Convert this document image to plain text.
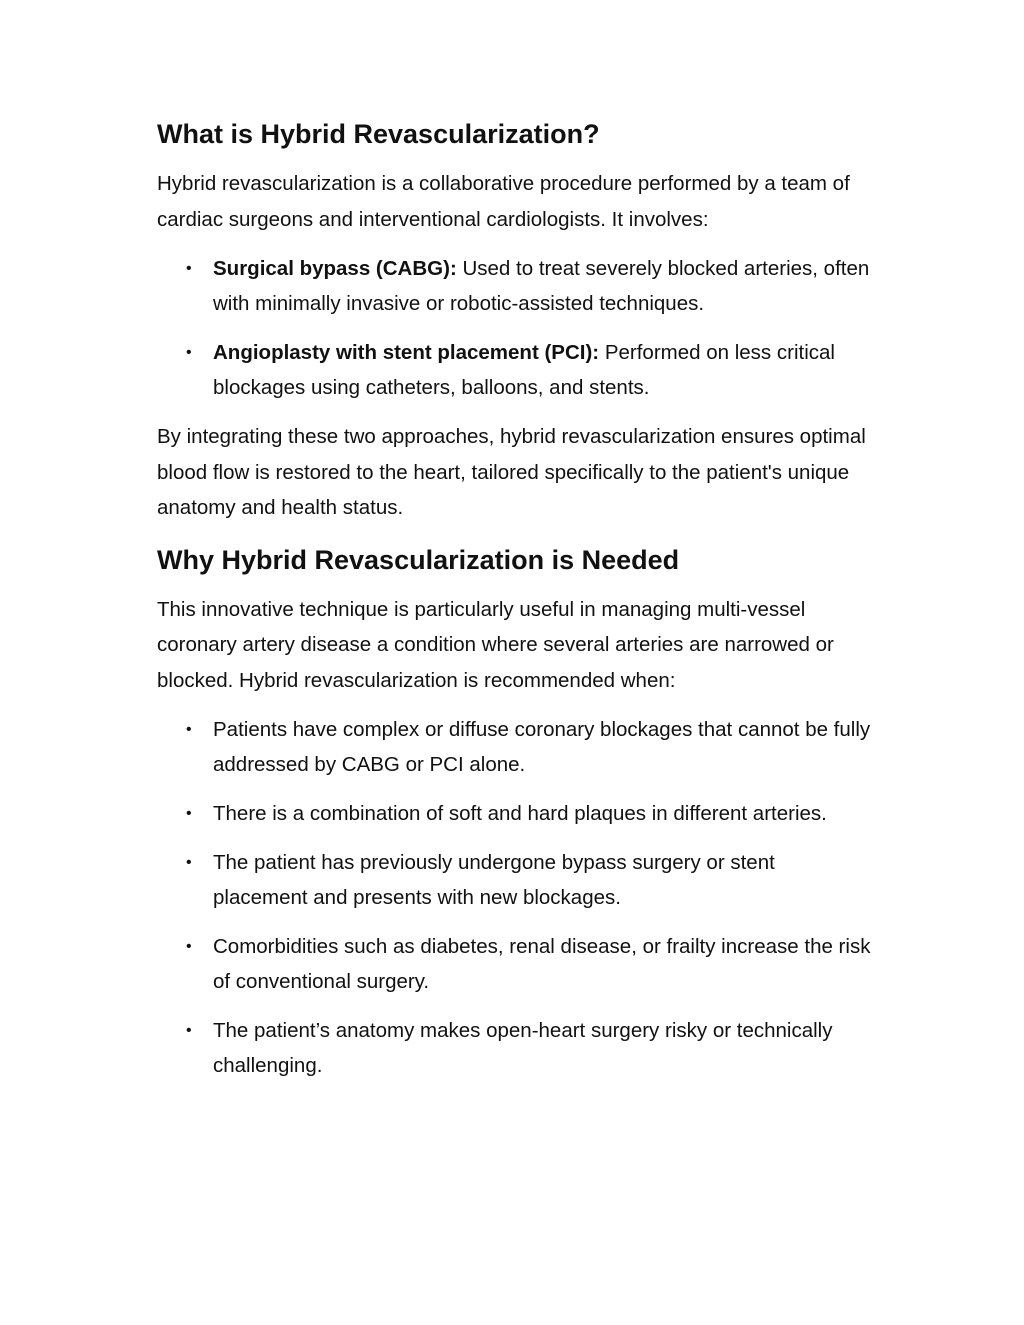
What is Hybrid Revascularization?

Hybrid revascularization is a collaborative procedure performed by a team of cardiac surgeons and interventional cardiologists. It involves:

• Surgical bypass (CABG): Used to treat severely blocked arteries, often with minimally invasive or robotic-assisted techniques.
• Angioplasty with stent placement (PCI): Performed on less critical blockages using catheters, balloons, and stents.

By integrating these two approaches, hybrid revascularization ensures optimal blood flow is restored to the heart, tailored specifically to the patient's unique anatomy and health status.

Why Hybrid Revascularization is Needed

This innovative technique is particularly useful in managing multi-vessel coronary artery disease a condition where several arteries are narrowed or blocked. Hybrid revascularization is recommended when:

• Patients have complex or diffuse coronary blockages that cannot be fully addressed by CABG or PCI alone.
• There is a combination of soft and hard plaques in different arteries.
• The patient has previously undergone bypass surgery or stent placement and presents with new blockages.
• Comorbidities such as diabetes, renal disease, or frailty increase the risk of conventional surgery.
• The patient’s anatomy makes open-heart surgery risky or technically challenging.
